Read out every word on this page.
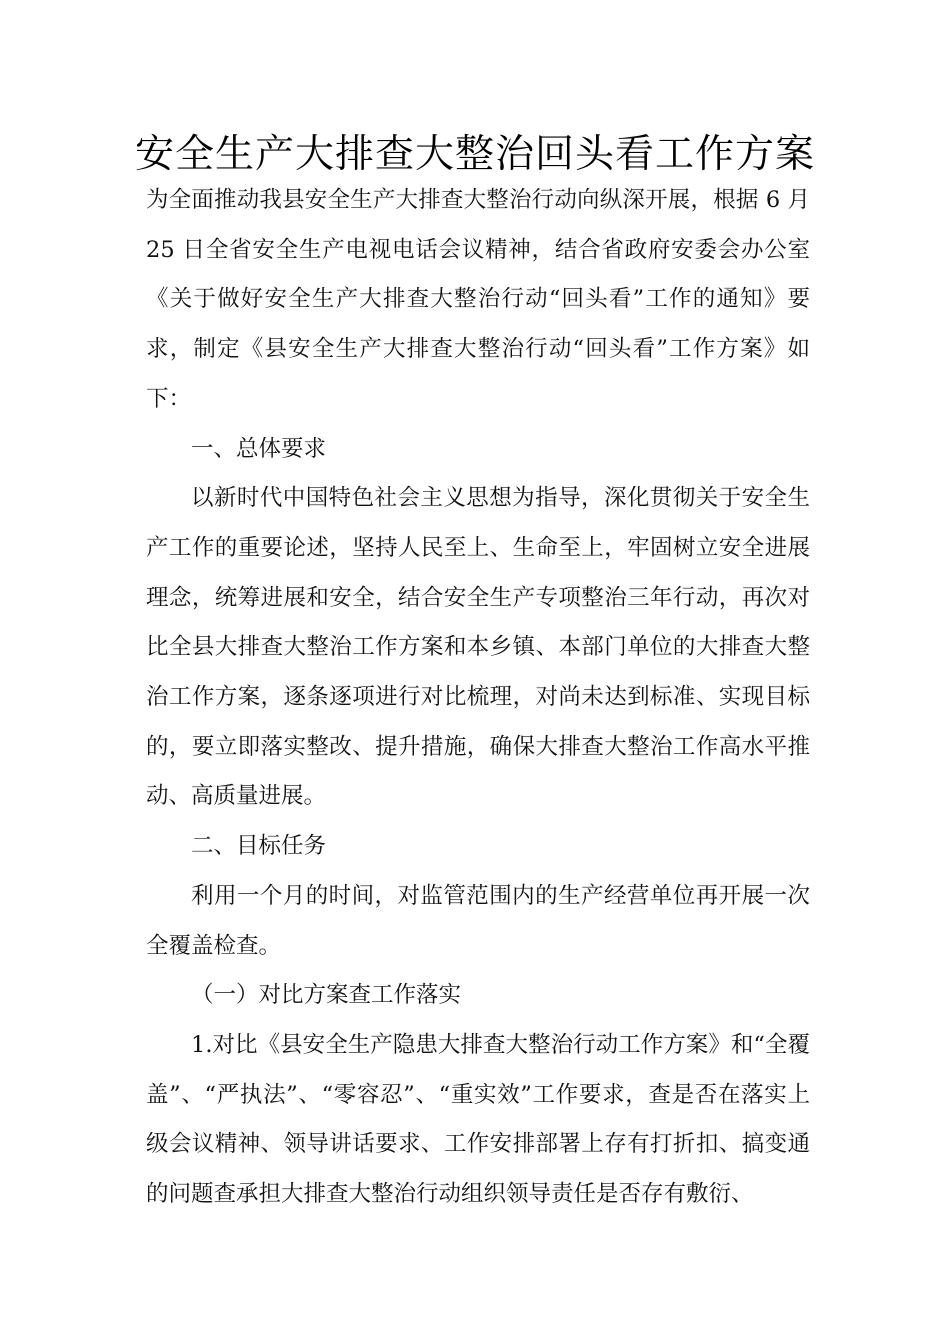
安全生产大排查大整治回头看工作方案

为全面推动我县安全生产大排查大整治行动向纵深开展，根据 6 月 25 日全省安全生产电视电话会议精神，结合省政府安委会办公室《关于做好安全生产大排查大整治行动“回头看”工作的通知》要求，制定《县安全生产大排查大整治行动“回头看”工作方案》如下：

一、总体要求

以新时代中国特色社会主义思想为指导，深化贯彻关于安全生产工作的重要论述，坚持人民至上、生命至上，牢固树立安全进展理念，统筹进展和安全，结合安全生产专项整治三年行动，再次对比全县大排查大整治工作方案和本乡镇、本部门单位的大排查大整治工作方案，逐条逐项进行对比梳理，对尚未达到标准、实现目标的，要立即落实整改、提升措施，确保大排查大整治工作高水平推动、高质量进展。

二、目标任务

利用一个月的时间，对监管范围内的生产经营单位再开展一次全覆盖检查。

（一）对比方案查工作落实

1.对比《县安全生产隐患大排查大整治行动工作方案》和“全覆盖”、“严执法”、“零容忍”、“重实效”工作要求，查是否在落实上级会议精神、领导讲话要求、工作安排部署上存有打折扣、搞变通的问题查承担大排查大整治行动组织领导责任是否存有敷衍、
